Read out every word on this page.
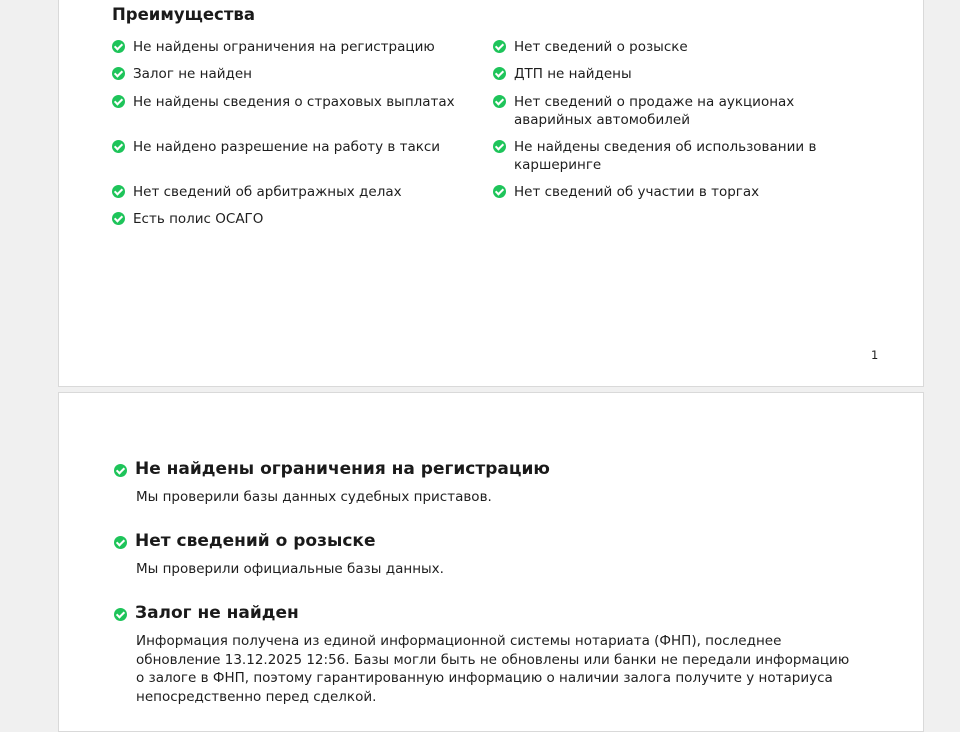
Преимущества
Не найдены ограничения на регистрацию	Нет сведений о розыске
Залог не найден	ДТП не найдены
Не найдены сведения о страховых выплатах	Нет сведений о продаже на аукционах аварийных автомобилей
Не найдено разрешение на работу в такси	Не найдены сведения об использовании в каршеринге
Нет сведений об арбитражных делах	Нет сведений об участии в торгах
Есть полис ОСАГО
1
Не найдены ограничения на регистрацию

Мы проверили базы данных судебных приставов.

Нет сведений о розыске

Мы проверили официальные базы данных.

Залог не найден

Информация получена из единой информационной системы нотариата (ФНП), последнее обновление 13.12.2025 12:56. Базы могли быть не обновлены или банки не передали информацию о залоге в ФНП, поэтому гарантированную информацию о наличии залога получите у нотариуса непосредственно перед сделкой.
